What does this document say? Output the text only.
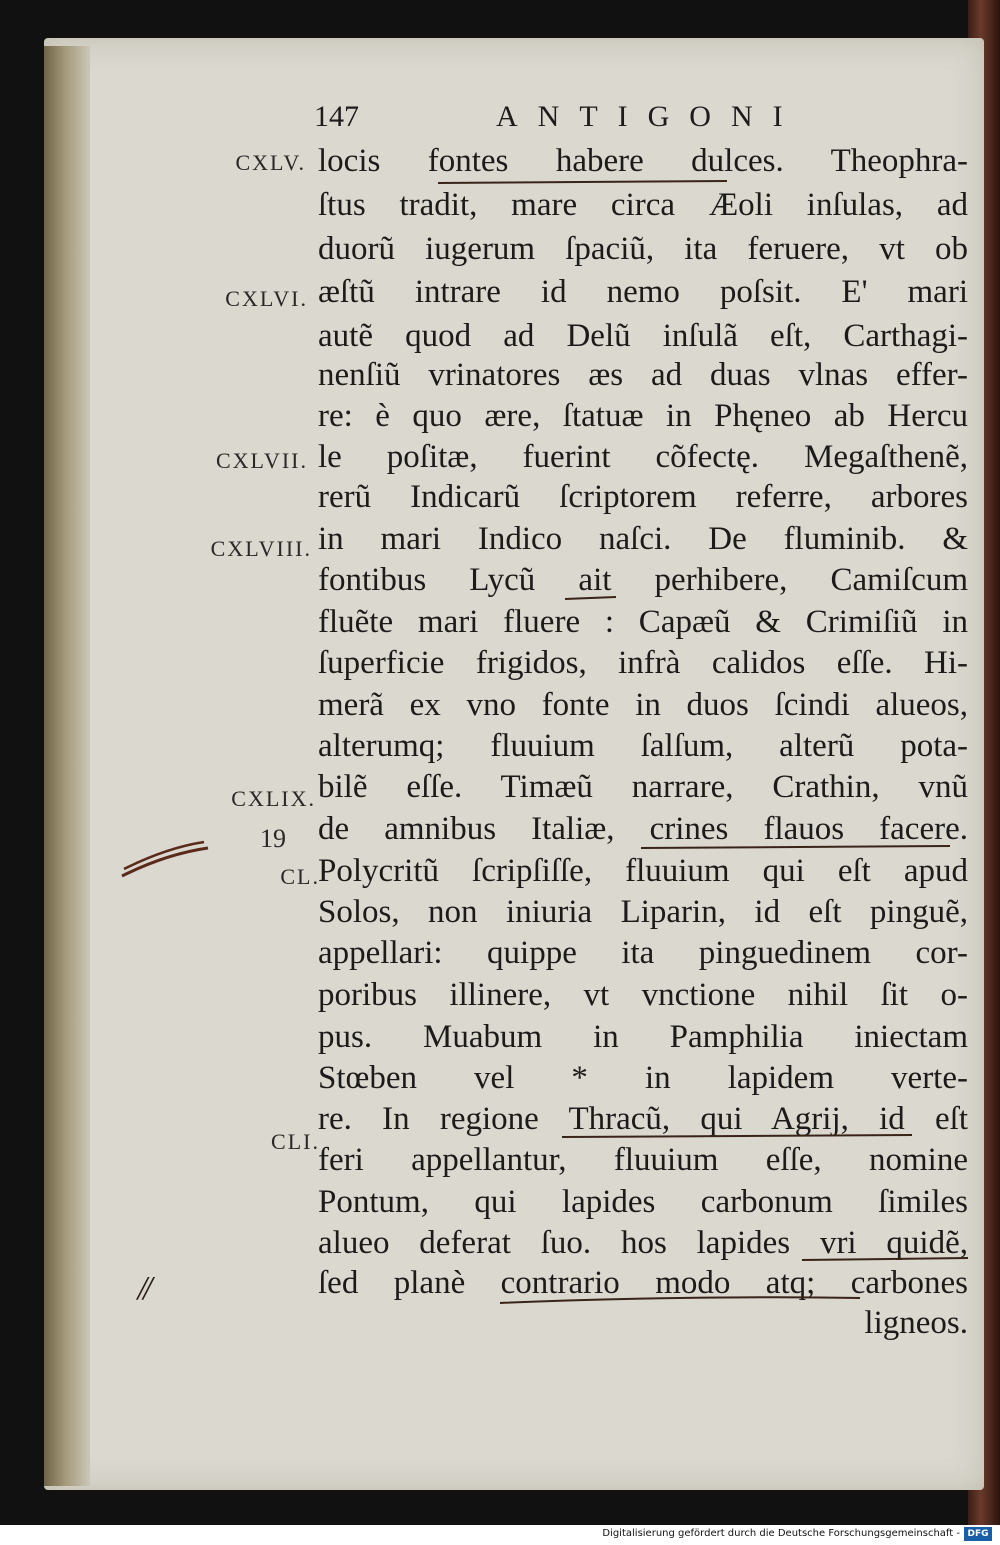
147	ANTIGONI
locis fontes habere dulces. Theophra-
ſtus tradit, mare circa Æoli inſulas, ad
duorũ iugerum ſpaciũ, ita feruere, vt ob
æſtũ intrare id nemo poſsit. E' mari
autẽ quod ad Delũ inſulã eſt, Carthagi-
nenſiũ vrinatores æs ad duas vlnas effer-
re: è quo ære, ſtatuæ in Phęneo ab Hercu
le poſitæ, fuerint cõfectę. Megaſthenẽ,
rerũ Indicarũ ſcriptorem referre, arbores
in mari Indico naſci. De fluminib. &
fontibus Lycũ ait perhibere, Camiſcum
fluẽte mari fluere : Capæũ & Crimiſiũ in
ſuperficie frigidos, infrà calidos eſſe. Hi-
merã ex vno fonte in duos ſcindi alueos,
alterumq; fluuium ſalſum, alterũ pota-
bilẽ eſſe. Timæũ narrare, Crathin, vnũ
de amnibus Italiæ, crines flauos facere.
Polycritũ ſcripſiſſe, fluuium qui eſt apud
Solos, non iniuria Liparin, id eſt pinguẽ,
appellari: quippe ita pinguedinem cor-
poribus illinere, vt vnctione nihil ſit o-
pus. Muabum in Pamphilia iniectam
Stœben vel * in lapidem verte-
re. In regione Thracũ, qui Agrij, id eſt
feri appellantur, fluuium eſſe, nomine
Pontum, qui lapides carbonum ſimiles
alueo deferat ſuo. hos lapides vri quidẽ,
ſed planè contrario modo atq; carbones
ligneos.
CXLV.
CXLVI.
CXLVII.
CXLVIII.
CXLIX.
19
CL.
CLI.
//
Digitalisierung gefördert durch die Deutsche Forschungsgemeinschaft - DFG
